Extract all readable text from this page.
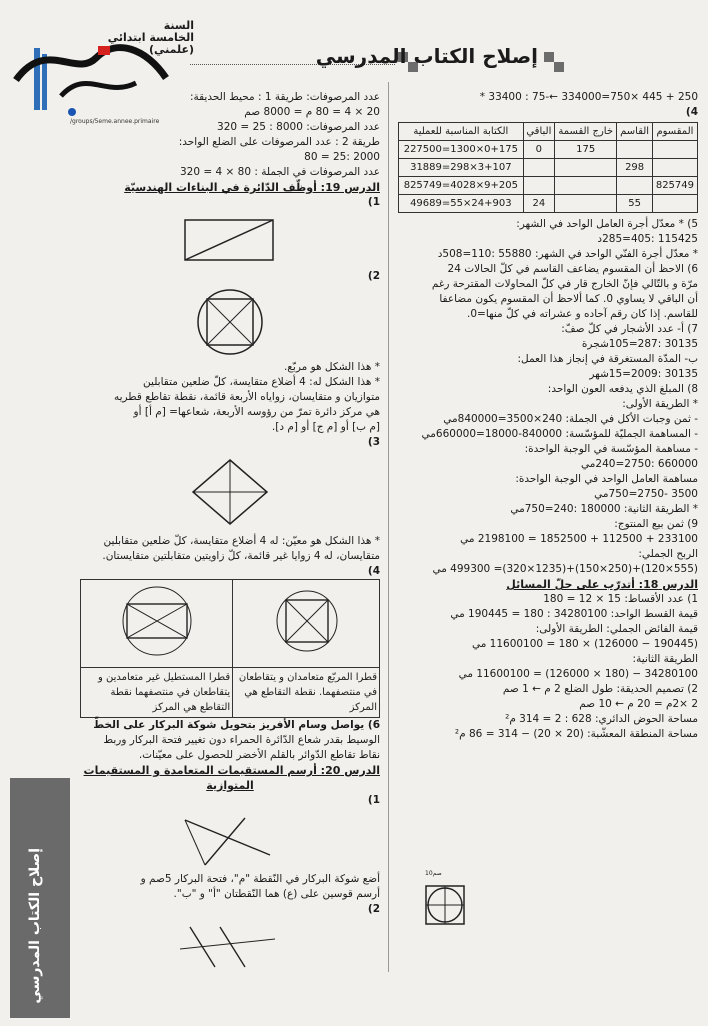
السنة
الخامسة ابتدائي
(علمني)
/groups/5eme.annee.primaire
إصلاح الكتاب المدرسي
250 + 445 ×750=334000 ←-75 : 33400 *
4)
المقسوم	القاسم	خارج القسمة	الباقي	الكتابة المناسبة للعملية
		175	0	0+175×1300=227500
	298			3+107×298=31889
825749				9+205×4028=825749
	55		24	24+903×55=49689
5) * معدّل أجرة العامل الواحد في الشهر:
115425 :405=285د
* معدّل أجرة الفنّي الواحد في الشهر: 55880 :110=508د
6) الاحظ أن المقسوم يضاعف القاسم في كلّ الحالات 24
مرّة و بالتّالي فإنّ الخارج قار في كلّ المحاولات المقترحة رغم
أن الباقي لا يساوي 0. كما ألاحظ أن المقسوم يكون مضاعفا
للقاسم. إذا كان رقم آحاده و عشراته في كلّ منها=0.
7) أ- عدد الأشجار في كلّ صفّ:
30135 :287=105شجرة
ب- المدّة المستغرقة في إنجاز هذا العمل:
30135 :2009=15شهر
8) المبلغ الذي يدفعه العون الواحد:
* الطريقة الأولى:
- ثمن وجبات الأكل في الجملة: 240×3500=840000مي
- المساهمة الجمليّة للمؤسّسة: 840000-18000=660000مي
- مساهمة المؤسّسة في الوجبة الواحدة:
660000 :2750=240مي
مساهمة العامل الواحد في الوجبة الواحدة:
3500 -2750=750مي
* الطريقة الثانية: 180000 :240=750مي
9) ثمن بيع المنتوج:
233100 + 112500 + 1852500 = 2198100 مي
الربح الجملي:
(555×120)+(250×150)+(1235×320)= 499300 مي
الدرس 18: أتدرّب على حلّ المسائل
1) عدد الأقساط: 15 × 12 = 180
قيمة القسط الواحد: 34280100 : 180 = 190445 مي
قيمة الفائض الجملي: الطريقة الأولى:
(190445 − 126000) × 180 = 11600100 مي
الطريقة الثانية:
34280100 − (180 × 126000) = 11600100 مي
2) تصميم الحديقة: طول الضلع 2 م ← 1 صم
2 ×2م = 20 م ← 10 صم
مساحة الحوض الدائري: 628 : 2 = 314 م²
مساحة المنطقة المعشّبة: (20 × 20) − 314 = 86 م²
10صم
عدد المرصوفات: طريقة 1 : محيط الحديقة:
20 × 4 = 80 م = 8000 صم
عدد المرصوفات: 8000 : 25 = 320
طريقة 2 : عدد المرصوفات على الضلع الواحد:
2000 :25 = 80
عدد المرصوفات في الجملة : 80 × 4 = 320
الدرس 19: أوظّف الدّائرة في البناءات الهندسيّة
1)
2)
* هذا الشكل هو مربّع.
* هذا الشكل له: 4 أضلاع متقايسة، كلّ ضلعين متقابلين
متوازيان و متقايسان، زواياه الأربعة قائمة، نقطة تقاطع قطريه
هي مركز دائرة تمرّ من رؤوسه الأربعة، شعاعها= [م أ] أو
[م ب] أو [م ج] أو [م د].
3)
* هذا الشكل هو معيّن: له 4 أضلاع متقايسة، كلّ ضلعين متقابلين
متقايسان، له 4 زوايا غير قائمة، كلّ زاويتين متقابلتين متقايستان.
4)

قطرا المربّع متعامدان و يتقاطعان في منتصفهما. نقطة التقاطع هي المركز	قطرا المستطيل غير متعامدين و يتقاطعان في منتصفهما نقطة التقاطع هي المركز
6) يواصل وسام الأفريز بتحويل شوكة البركار على الخطّ
الوسيط بقدر شعاع الدّائرة الحمراء دون تغيير فتحة البركار وربط
نقاط تقاطع الدّوائر بالقلم الأخضر للحصول على معيّنات.
الدرس 20: أرسم المستقيمات المتعامدة و المستقيمات
المتوازية
1)
أضع شوكة البركار في النّقطة "م"، فتحة البركار 5صم و
أرسم قوسين على (ع) هما النّقطتان "أ" و "ب".
2)
إصلاح الكتاب المدرسي
